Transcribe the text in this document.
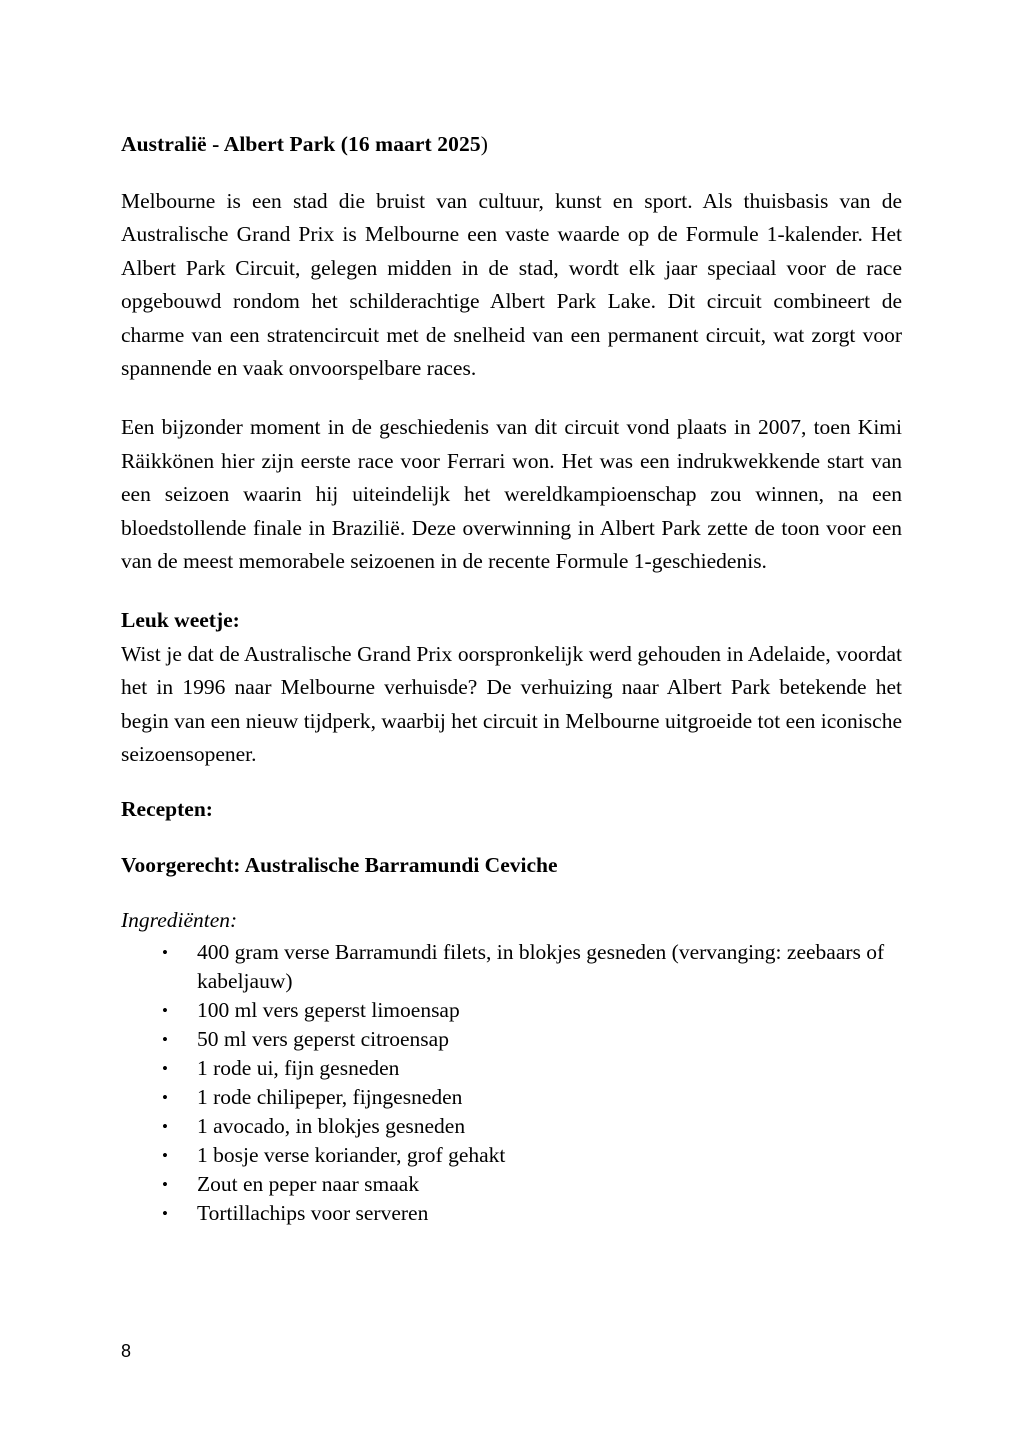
Australië - Albert Park (16 maart 2025)

Melbourne is een stad die bruist van cultuur, kunst en sport. Als thuisbasis van de Australische Grand Prix is Melbourne een vaste waarde op de Formule 1-kalender. Het Albert Park Circuit, gelegen midden in de stad, wordt elk jaar speciaal voor de race opgebouwd rondom het schilderachtige Albert Park Lake. Dit circuit combineert de charme van een stratencircuit met de snelheid van een permanent circuit, wat zorgt voor spannende en vaak onvoorspelbare races.

Een bijzonder moment in de geschiedenis van dit circuit vond plaats in 2007, toen Kimi Räikkönen hier zijn eerste race voor Ferrari won. Het was een indrukwekkende start van een seizoen waarin hij uiteindelijk het wereldkampioenschap zou winnen, na een bloedstollende finale in Brazilië. Deze overwinning in Albert Park zette de toon voor een van de meest memorabele seizoenen in de recente Formule 1-geschiedenis.

Leuk weetje:

Wist je dat de Australische Grand Prix oorspronkelijk werd gehouden in Adelaide, voordat het in 1996 naar Melbourne verhuisde? De verhuizing naar Albert Park betekende het begin van een nieuw tijdperk, waarbij het circuit in Melbourne uitgroeide tot een iconische seizoensopener.

Recepten:
Voorgerecht: Australische Barramundi Ceviche

Ingrediënten:

• 400 gram verse Barramundi filets, in blokjes gesneden (vervanging: zeebaars of kabeljauw)
• 100 ml vers geperst limoensap
• 50 ml vers geperst citroensap
• 1 rode ui, fijn gesneden
• 1 rode chilipeper, fijngesneden
• 1 avocado, in blokjes gesneden
• 1 bosje verse koriander, grof gehakt
• Zout en peper naar smaak
• Tortillachips voor serveren
8
